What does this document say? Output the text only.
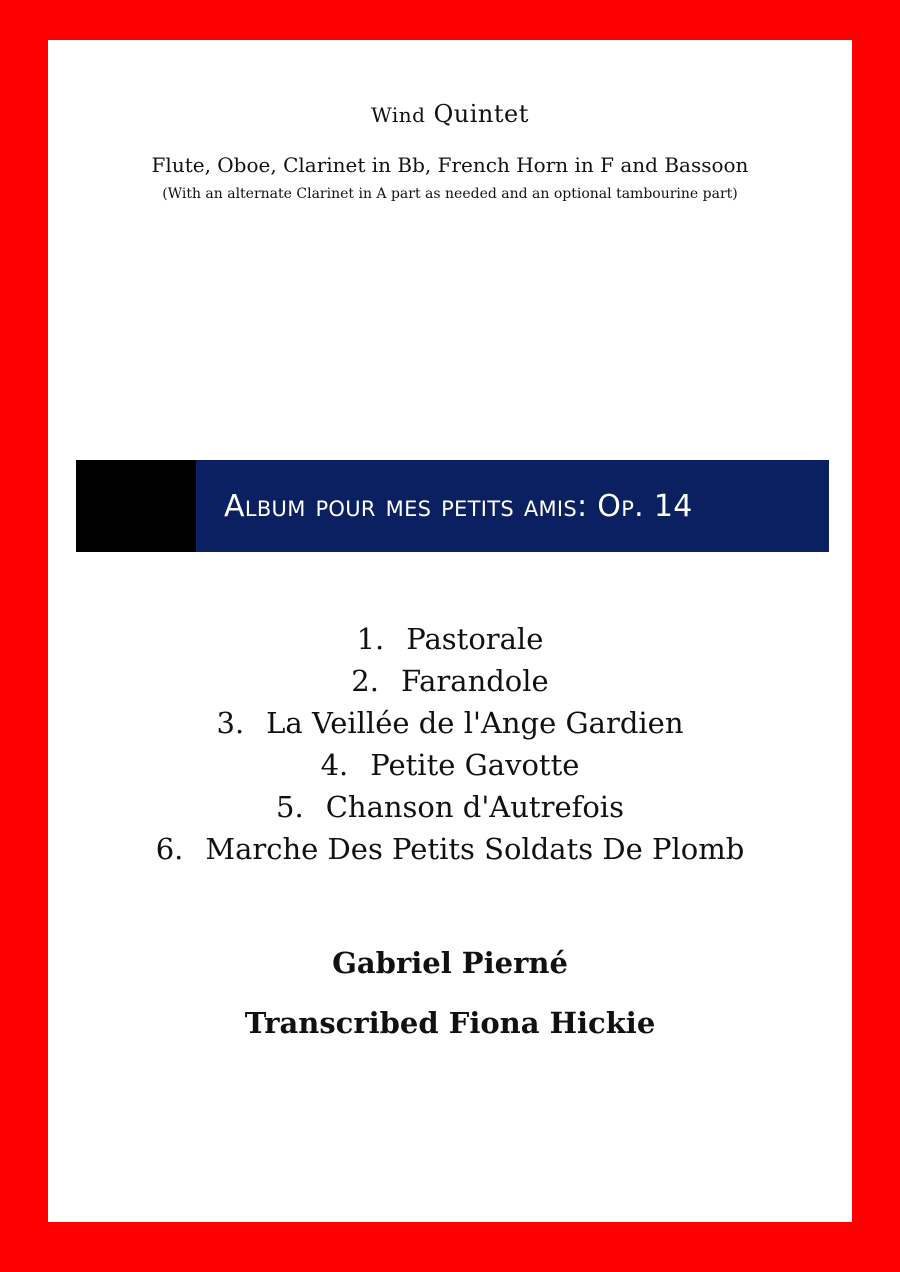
Wind Quintet
Flute, Oboe, Clarinet in Bb, French Horn in F and Bassoon
(With an alternate Clarinet in A part as needed and an optional tambourine part)
Album pour mes petits amis: Op. 14
1. Pastorale
2. Farandole
3. La Veillée de l'Ange Gardien
4. Petite Gavotte
5. Chanson d'Autrefois
6. Marche Des Petits Soldats De Plomb
Gabriel Pierné
Transcribed Fiona Hickie
